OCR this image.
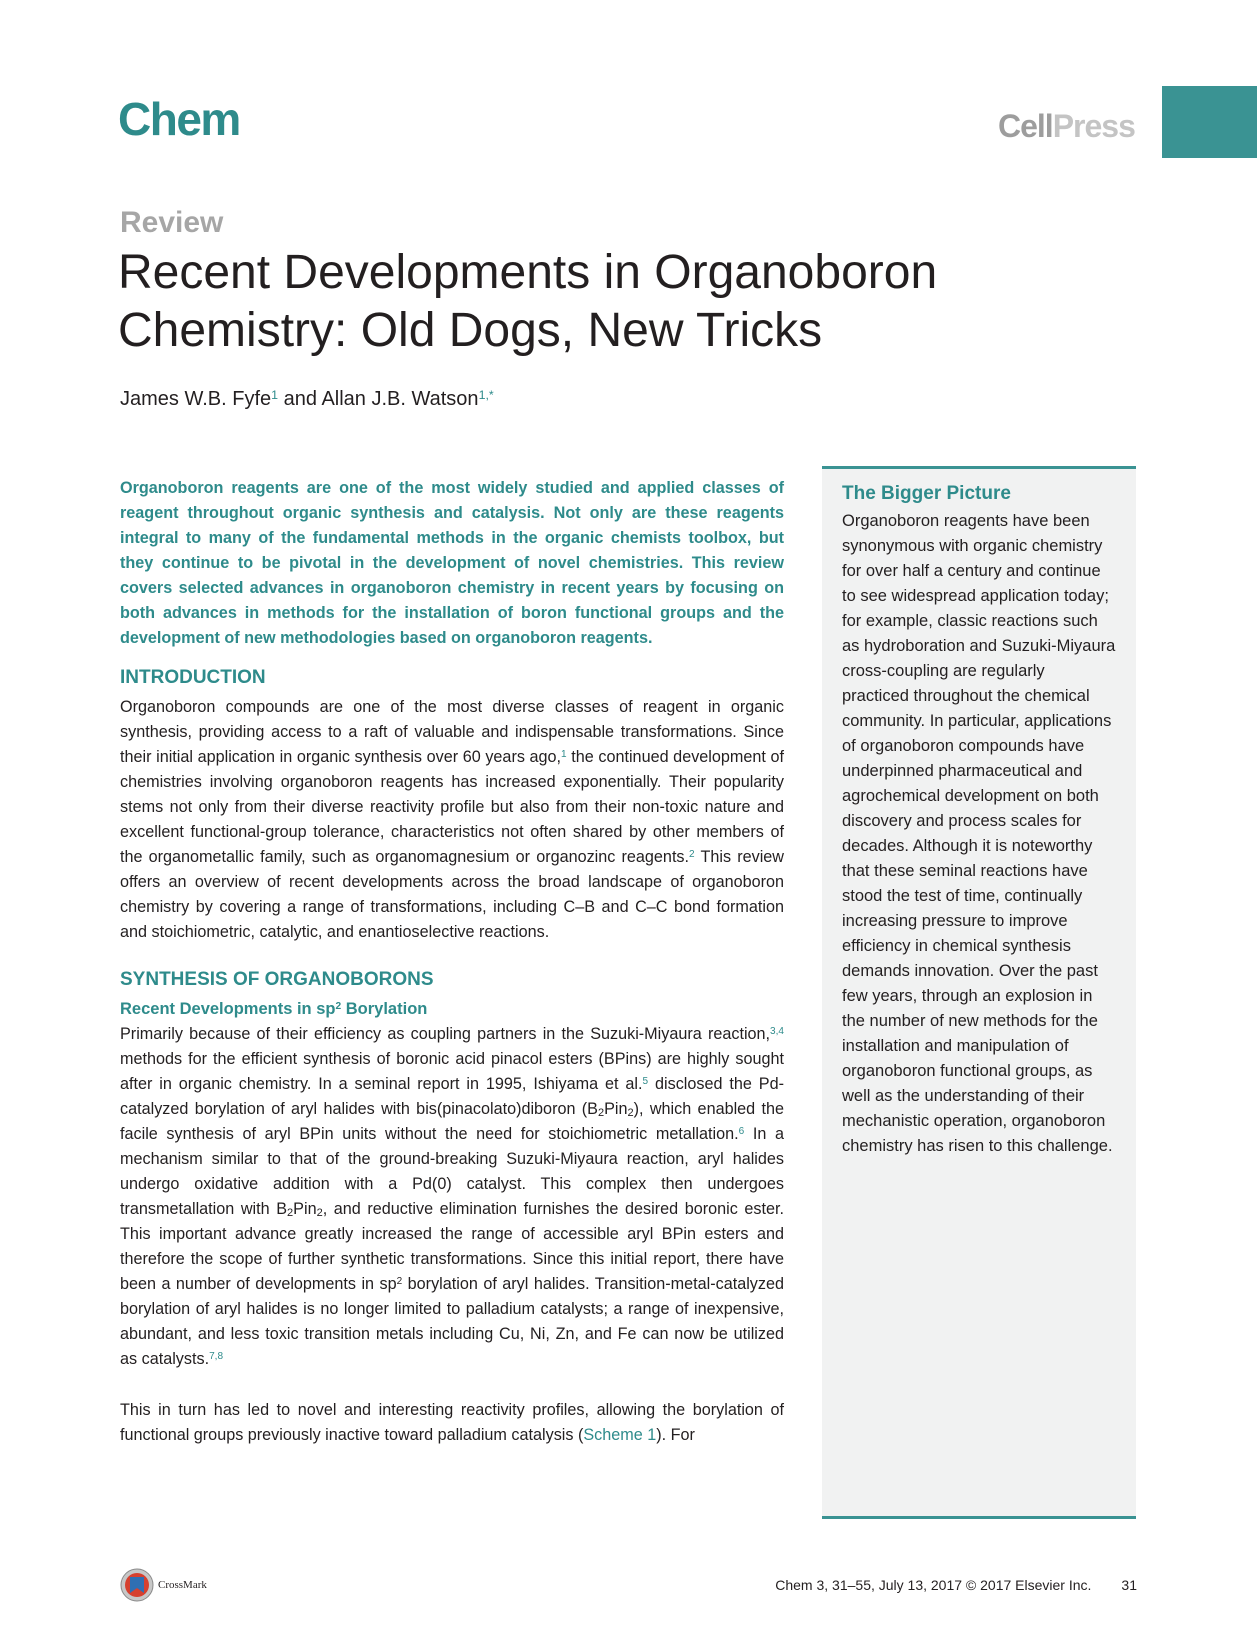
Chem	CellPress
Review
Recent Developments in Organoboron Chemistry: Old Dogs, New Tricks
James W.B. Fyfe$^1$ and Allan J.B. Watson$^{1,*}$

Organoboron reagents are one of the most widely studied and applied classes of reagent throughout organic synthesis and catalysis. Not only are these reagents integral to many of the fundamental methods in the organic chemists toolbox, but they continue to be pivotal in the development of novel chemistries. This review covers selected advances in organoboron chemistry in recent years by focusing on both advances in methods for the installation of boron functional groups and the development of new methodologies based on organoboron reagents.

INTRODUCTION

Organoboron compounds are one of the most diverse classes of reagent in organic synthesis, providing access to a raft of valuable and indispensable transformations. Since their initial application in organic synthesis over 60 years ago,$^1$ the continued development of chemistries involving organoboron reagents has increased exponentially. Their popularity stems not only from their diverse reactivity profile but also from their non-toxic nature and excellent functional-group tolerance, characteristics not often shared by other members of the organometallic family, such as organomagnesium or organozinc reagents.$^2$ This review offers an overview of recent developments across the broad landscape of organoboron chemistry by covering a range of transformations, including C–B and C–C bond formation and stoichiometric, catalytic, and enantioselective reactions.

SYNTHESIS OF ORGANOBORONS
Recent Developments in $sp^2$ Borylation

Primarily because of their efficiency as coupling partners in the Suzuki-Miyaura reaction,$^{3,4}$ methods for the efficient synthesis of boronic acid pinacol esters (BPins) are highly sought after in organic chemistry. In a seminal report in 1995, Ishiyama et al.$^5$ disclosed the Pd-catalyzed borylation of aryl halides with bis(pinacolato)diboron $(B_2Pin_2)$, which enabled the facile synthesis of aryl BPin units without the need for stoichiometric metallation.$^6$ In a mechanism similar to that of the ground-breaking Suzuki-Miyaura reaction, aryl halides undergo oxidative addition with a Pd(0) catalyst. This complex then undergoes transmetallation with $B_2Pin_2$, and reductive elimination furnishes the desired boronic ester. This important advance greatly increased the range of accessible aryl BPin esters and therefore the scope of further synthetic transformations. Since this initial report, there have been a number of developments in $sp^2$ borylation of aryl halides. Transition-metal-catalyzed borylation of aryl halides is no longer limited to palladium catalysts; a range of inexpensive, abundant, and less toxic transition metals including Cu, Ni, Zn, and Fe can now be utilized as catalysts.$^{7,8}$

This in turn has led to novel and interesting reactivity profiles, allowing the borylation of functional groups previously inactive toward palladium catalysis (Scheme 1). For

The Bigger Picture

Organoboron reagents have been synonymous with organic chemistry for over half a century and continue to see widespread application today; for example, classic reactions such as hydroboration and Suzuki-Miyaura cross-coupling are regularly practiced throughout the chemical community. In particular, applications of organoboron compounds have underpinned pharmaceutical and agrochemical development on both discovery and process scales for decades. Although it is noteworthy that these seminal reactions have stood the test of time, continually increasing pressure to improve efficiency in chemical synthesis demands innovation. Over the past few years, through an explosion in the number of new methods for the installation and manipulation of organoboron functional groups, as well as the understanding of their mechanistic operation, organoboron chemistry has risen to this challenge.

CrossMark	Chem 3, 31–55, July 13, 2017 © 2017 Elsevier Inc. 31
